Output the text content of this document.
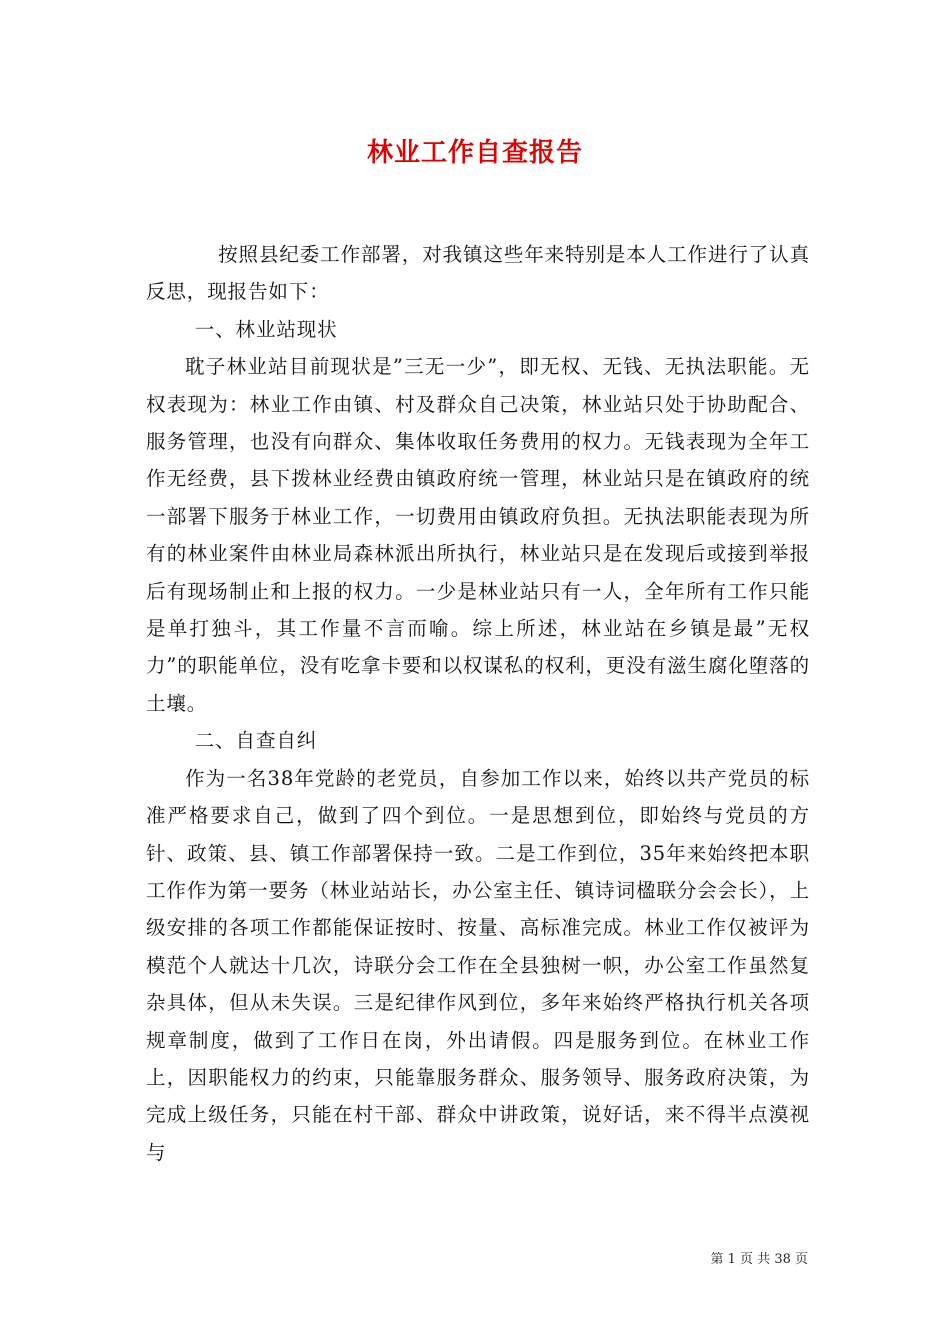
林业工作自查报告

按照县纪委工作部署，对我镇这些年来特别是本人工作进行了认真反思，现报告如下：

一、林业站现状

耽子林业站目前现状是”三无一少”，即无权、无钱、无执法职能。无权表现为：林业工作由镇、村及群众自己决策，林业站只处于协助配合、服务管理，也没有向群众、集体收取任务费用的权力。无钱表现为全年工作无经费，县下拨林业经费由镇政府统一管理，林业站只是在镇政府的统一部署下服务于林业工作，一切费用由镇政府负担。无执法职能表现为所有的林业案件由林业局森林派出所执行，林业站只是在发现后或接到举报后有现场制止和上报的权力。一少是林业站只有一人，全年所有工作只能是单打独斗，其工作量不言而喻。综上所述，林业站在乡镇是最”无权力”的职能单位，没有吃拿卡要和以权谋私的权利，更没有滋生腐化堕落的土壤。

二、自查自纠

作为一名38年党龄的老党员，自参加工作以来，始终以共产党员的标准严格要求自己，做到了四个到位。一是思想到位，即始终与党员的方针、政策、县、镇工作部署保持一致。二是工作到位，35年来始终把本职工作作为第一要务（林业站站长，办公室主任、镇诗词楹联分会会长），上级安排的各项工作都能保证按时、按量、高标准完成。林业工作仅被评为模范个人就达十几次，诗联分会工作在全县独树一帜，办公室工作虽然复杂具体，但从未失误。三是纪律作风到位，多年来始终严格执行机关各项规章制度，做到了工作日在岗，外出请假。四是服务到位。在林业工作上，因职能权力的约束，只能靠服务群众、服务领导、服务政府决策，为完成上级任务，只能在村干部、群众中讲政策，说好话，来不得半点漠视与

第 1 页 共 38 页
